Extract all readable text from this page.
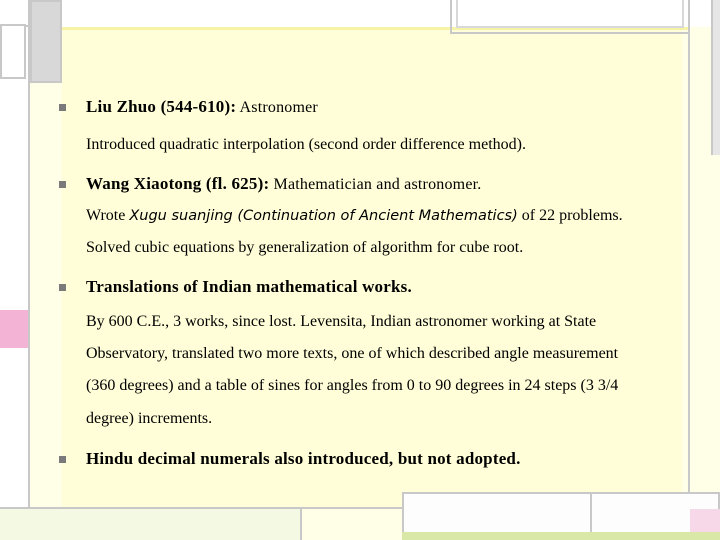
Liu Zhuo (544-610): Astronomer
Introduced quadratic interpolation (second order difference method).
Wang Xiaotong (fl. 625): Mathematician and astronomer.
Wrote Xugu suanjing (Continuation of Ancient Mathematics) of 22 problems.
Solved cubic equations by generalization of algorithm for cube root.
Translations of Indian mathematical works.
By 600 C.E., 3 works, since lost. Levensita, Indian astronomer working at State
Observatory, translated two more texts, one of which described angle measurement
(360 degrees) and a table of sines for angles from 0 to 90 degrees in 24 steps (3 3/4
degree) increments.
Hindu decimal numerals also introduced, but not adopted.
